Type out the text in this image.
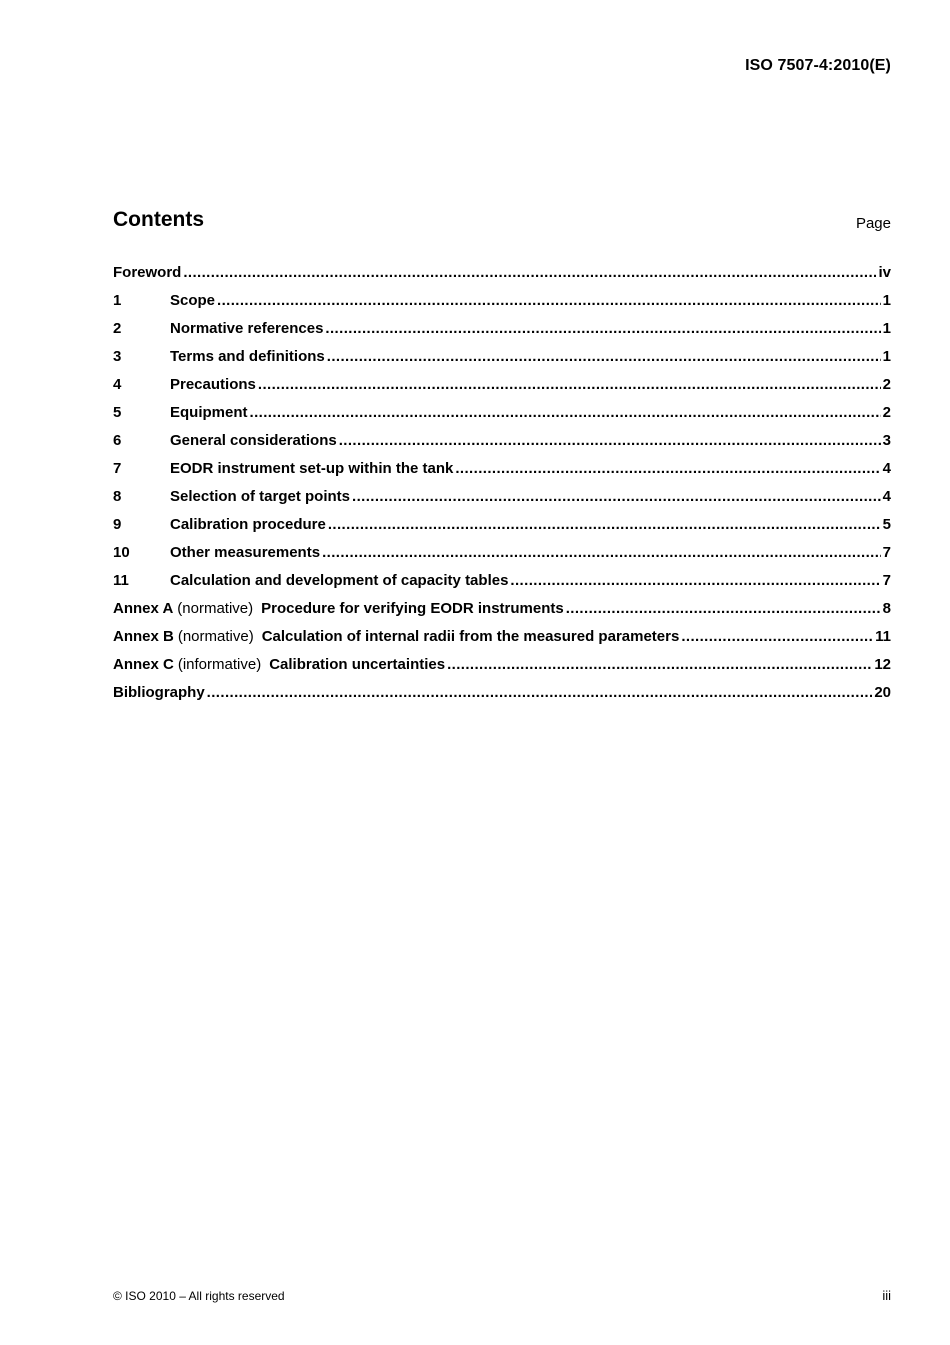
ISO 7507-4:2010(E)
Contents	Page
Foreword .....	iv
1	Scope .....	1
2	Normative references .....	1
3	Terms and definitions .....	1
4	Precautions .....	2
5	Equipment .....	2
6	General considerations .....	3
7	EODR instrument set-up within the tank .....	4
8	Selection of target points .....	4
9	Calibration procedure .....	5
10	Other measurements .....	7
11	Calculation and development of capacity tables .....	7
Annex A (normative) Procedure for verifying EODR instruments .....	8
Annex B (normative) Calculation of internal radii from the measured parameters .....	11
Annex C (informative) Calibration uncertainties .....	12
Bibliography .....	20
© ISO 2010 – All rights reserved	iii
